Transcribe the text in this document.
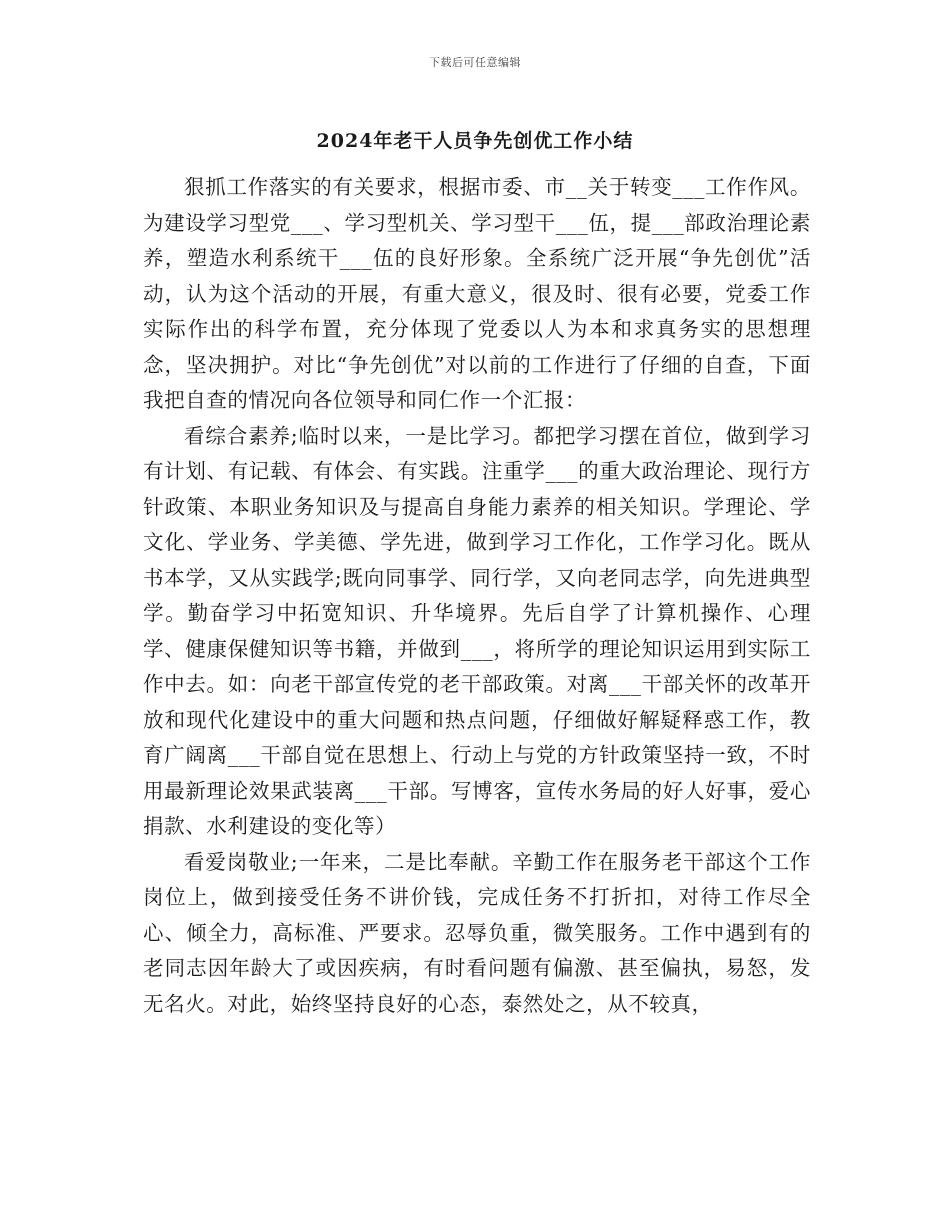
下载后可任意编辑
2024年老干人员争先创优工作小结

狠抓工作落实的有关要求，根据市委、市__关于转变___工作作风。为建设学习型党___、学习型机关、学习型干___伍，提___部政治理论素养，塑造水利系统干___伍的良好形象。全系统广泛开展“争先创优”活动，认为这个活动的开展，有重大意义，很及时、很有必要，党委工作实际作出的科学布置，充分体现了党委以人为本和求真务实的思想理念，坚决拥护。对比“争先创优”对以前的工作进行了仔细的自查，下面我把自查的情况向各位领导和同仁作一个汇报：

看综合素养;临时以来，一是比学习。都把学习摆在首位，做到学习有计划、有记载、有体会、有实践。注重学___的重大政治理论、现行方针政策、本职业务知识及与提高自身能力素养的相关知识。学理论、学文化、学业务、学美德、学先进，做到学习工作化，工作学习化。既从书本学，又从实践学;既向同事学、同行学，又向老同志学，向先进典型学。勤奋学习中拓宽知识、升华境界。先后自学了计算机操作、心理学、健康保健知识等书籍，并做到___，将所学的理论知识运用到实际工作中去。如：向老干部宣传党的老干部政策。对离___干部关怀的改革开放和现代化建设中的重大问题和热点问题，仔细做好解疑释惑工作，教育广阔离___干部自觉在思想上、行动上与党的方针政策坚持一致，不时用最新理论效果武装离___干部。写博客，宣传水务局的好人好事，爱心捐款、水利建设的变化等）

看爱岗敬业;一年来，二是比奉献。辛勤工作在服务老干部这个工作岗位上，做到接受任务不讲价钱，完成任务不打折扣，对待工作尽全心、倾全力，高标准、严要求。忍辱负重，微笑服务。工作中遇到有的老同志因年龄大了或因疾病，有时看问题有偏激、甚至偏执，易怒，发无名火。对此，始终坚持良好的心态，泰然处之，从不较真，
